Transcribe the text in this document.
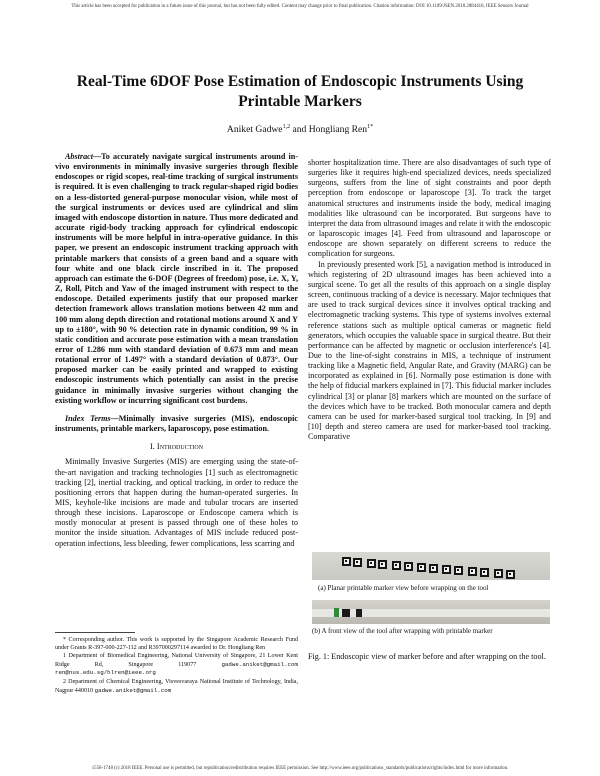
This article has been accepted for publication in a future issue of this journal, but has not been fully edited. Content may change prior to final publication. Citation information: DOI 10.1109/JSEN.2018.2884418, IEEE Sensors Journal
Real-Time 6DOF Pose Estimation of Endoscopic Instruments Using Printable Markers
Aniket Gadwe$^{1,2}$ and Hongliang Ren$^{1*}$

Abstract—To accurately navigate surgical instruments around in-vivo environments in minimally invasive surgeries through flexible endoscopes or rigid scopes, real-time tracking of surgical instruments is required. It is even challenging to track regular-shaped rigid bodies on a less-distorted general-purpose monocular vision, while most of the surgical instruments or devices used are cylindrical and slim imaged with endoscope distortion in nature. Thus more dedicated and accurate rigid-body tracking approach for cylindrical endoscopic instruments will be more helpful in intra-operative guidance. In this paper, we present an endoscopic instrument tracking approach with printable markers that consists of a green band and a square with four white and one black circle inscribed in it. The proposed approach can estimate the 6-DOF (Degrees of freedom) pose, i.e. X, Y, Z, Roll, Pitch and Yaw of the imaged instrument with respect to the endoscope. Detailed experiments justify that our proposed marker detection framework allows translation motions between 42 mm and 100 mm along depth direction and rotational motions around X and Y up to ±180°, with 90 % detection rate in dynamic condition, 99 % in static condition and accurate pose estimation with a mean translation error of 1.286 mm with standard deviation of 0.673 mm and mean rotational error of 1.497° with a standard deviation of 0.873°. Our proposed marker can be easily printed and wrapped to existing endoscopic instruments which potentially can assist in the precise guidance in minimally invasive surgeries without changing the existing workflow or incurring significant cost burdens.

Index Terms—Minimally invasive surgeries (MIS), endoscopic instruments, printable markers, laparoscopy, pose estimation.

I. Introduction

Minimally Invasive Surgeries (MIS) are emerging using the state-of-the-art navigation and tracking technologies [1] such as electromagnetic tracking [2], inertial tracking, and optical tracking, in order to reduce the positioning errors that happen during the human-operated surgeries. In MIS, keyhole-like incisions are made and tubular trocars are inserted through these incisions. Laparoscope or Endoscope camera which is mostly monocular at present is passed through one of these holes to monitor the inside situation. Advantages of MIS include reduced post-operation infections, less bleeding, fewer complications, less scarring and

* Corresponding author. This work is supported by the Singapore Academic Research Fund under Grants R-397-000-227-112 and R397000297114 awarded to Dr. Hongliang Ren

1 Department of Biomedical Engineering, National University of Singapore, 21 Lower Kent Ridge Rd, Singapore 119077	gadwe.aniket@gmail.com ren@nus.edu.sg/hlren@ieee.org

2 Department of Chemical Engineering, Visvesvaraya National Institute of Technology, India, Nagpur 440010 gadwe.aniket@gmail.com

shorter hospitalization time. There are also disadvantages of such type of surgeries like it requires high-end specialized devices, needs specialized surgeons, suffers from the line of sight constraints and poor depth perception from endoscope or laparoscope [3]. To track the target anatomical structures and instruments inside the body, medical imaging modalities like ultrasound can be incorporated. But surgeons have to interpret the data from ultrasound images and relate it with the endoscopic or laparoscopic images [4]. Feed from ultrasound and laparoscope or endoscope are shown separately on different screens to reduce the complication for surgeons.

In previously presented work [5], a navigation method is introduced in which registering of 2D ultrasound images has been achieved into a surgical scene. To get all the results of this approach on a single display screen, continuous tracking of a device is necessary. Major techniques that are used to track surgical devices since it involves optical tracking and electromagnetic tracking systems. This type of systems involves external reference stations such as multiple optical cameras or magnetic field generators, which occupies the valuable space in surgical theatre. But their performance can be affected by magnetic or occlusion interference's [4]. Due to the line-of-sight constrains in MIS, a technique of instrument tracking like a Magnetic field, Angular Rate, and Gravity (MARG) can be incorporated as explained in [6]. Normally pose estimation is done with the help of fiducial markers explained in [7]. This fiducial marker includes cylindrical [3] or planar [8] markers which are mounted on the surface of the devices which have to be tracked. Both monocular camera and depth camera can be used for marker-based surgical tool tracking. In [9] and [10] depth and stereo camera are used for marker-based tool tracking. Comparative

(a) Planar printable marker view before wrapping on the tool
(b) A front view of the tool after wrapping with printable marker
Fig. 1: Endoscopic view of marker before and after wrapping on the tool.
1558-1748 (c) 2018 IEEE. Personal use is permitted, but republication/redistribution requires IEEE permission. See http://www.ieee.org/publications_standards/publications/rights/index.html for more information.
